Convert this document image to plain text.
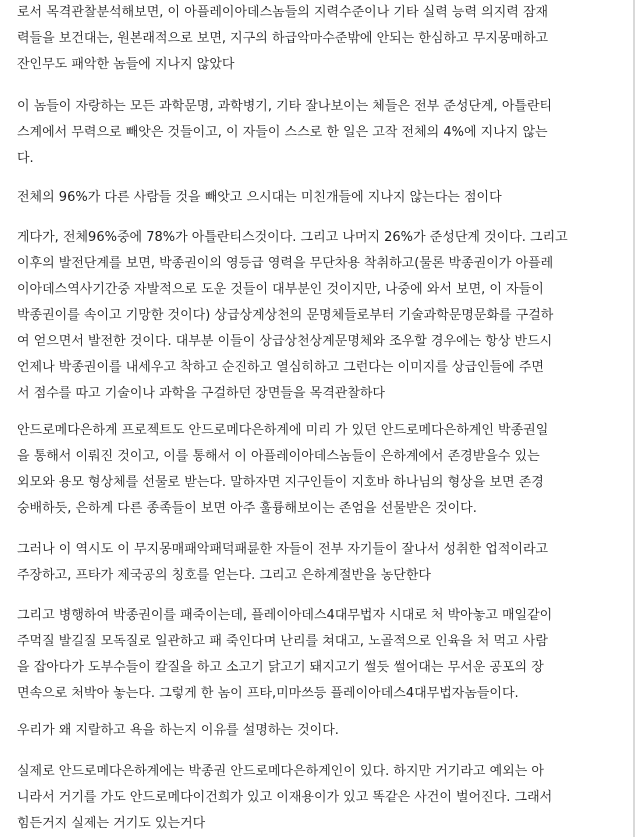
로서 목격관찰분석해보면, 이 아플레이아데스놈들의 지력수준이나 기타 실력 능력 의지력 잠재
력들을 보건대는, 원본래적으로 보면, 지구의 하급악마수준밖에 안되는 한심하고 무지몽매하고
잔인무도 패악한 놈들에 지나지 않았다
이 놈들이 자랑하는 모든 과학문명, 과학병기, 기타 잘나보이는 체들은 전부 준성단계, 아틀란티
스계에서 무력으로 빼앗은 것들이고, 이 자들이 스스로 한 일은 고작 전체의 4%에 지나지 않는
다.
전체의 96%가 다른 사람들 것을 빼앗고 으시대는 미친개들에 지나지 않는다는 점이다
게다가, 전체96%중에 78%가 아틀란티스것이다. 그리고 나머지 26%가 준성단계 것이다. 그리고
이후의 발전단계를 보면, 박종권이의 영등급 영력을 무단차용 착취하고(물론 박종권이가 아플레
이아데스역사기간중 자발적으로 도운 것들이 대부분인 것이지만, 나중에 와서 보면, 이 자들이
박종권이를 속이고 기망한 것이다) 상급상계상천의 문명체들로부터 기술과학문명문화를 구걸하
여 얻으면서 발전한 것이다. 대부분 이들이 상급상천상계문명체와 조우할 경우에는 항상 반드시
언제나 박종권이를 내세우고 착하고 순진하고 열심히하고 그런다는 이미지를 상급인들에 주면
서 점수를 따고 기술이나 과학을 구걸하던 장면들을 목격관찰하다
안드로메다은하계 프로젝트도 안드로메다은하계에 미리 가 있던 안드로메다은하계인 박종권일
을 통해서 이뤄진 것이고, 이를 통해서 이 아플레이아데스놈들이 은하계에서 존경받을수 있는
외모와 용모 형상체를 선물로 받는다. 말하자면 지구인들이 지호바 하나님의 형상을 보면 존경
숭배하듯, 은하계 다른 종족들이 보면 아주 훌륭해보이는 존엄을 선물받은 것이다.
그러나 이 역시도 이 무지몽매패악패덕패륜한 자들이 전부 자기들이 잘나서 성취한 업적이라고
주장하고, 프타가 제국공의 칭호를 얻는다. 그리고 은하계절반을 농단한다
그리고 병행하여 박종권이를 패죽이는데, 플레이아데스4대무법자 시대로 처 박아놓고 매일같이
주먹질 발길질 모독질로 일관하고 패 죽인다며 난리를 쳐대고, 노골적으로 인육을 처 먹고 사람
을 잡아다가 도부수들이 칼질을 하고 소고기 닭고기 돼지고기 썰듯 썰어대는 무서운 공포의 장
면속으로 처박아 놓는다. 그렇게 한 놈이 프타,미마쓰등 플레이아데스4대무법자놈들이다.
우리가 왜 지랄하고 욕을 하는지 이유를 설명하는 것이다.
실제로 안드로메다은하계에는 박종권 안드로메다은하계인이 있다. 하지만 거기라고 예외는 아
니라서 거기를 가도 안드로메다이건희가 있고 이재용이가 있고 똑같은 사건이 벌어진다. 그래서
힘든거지 실제는 거기도 있는거다
